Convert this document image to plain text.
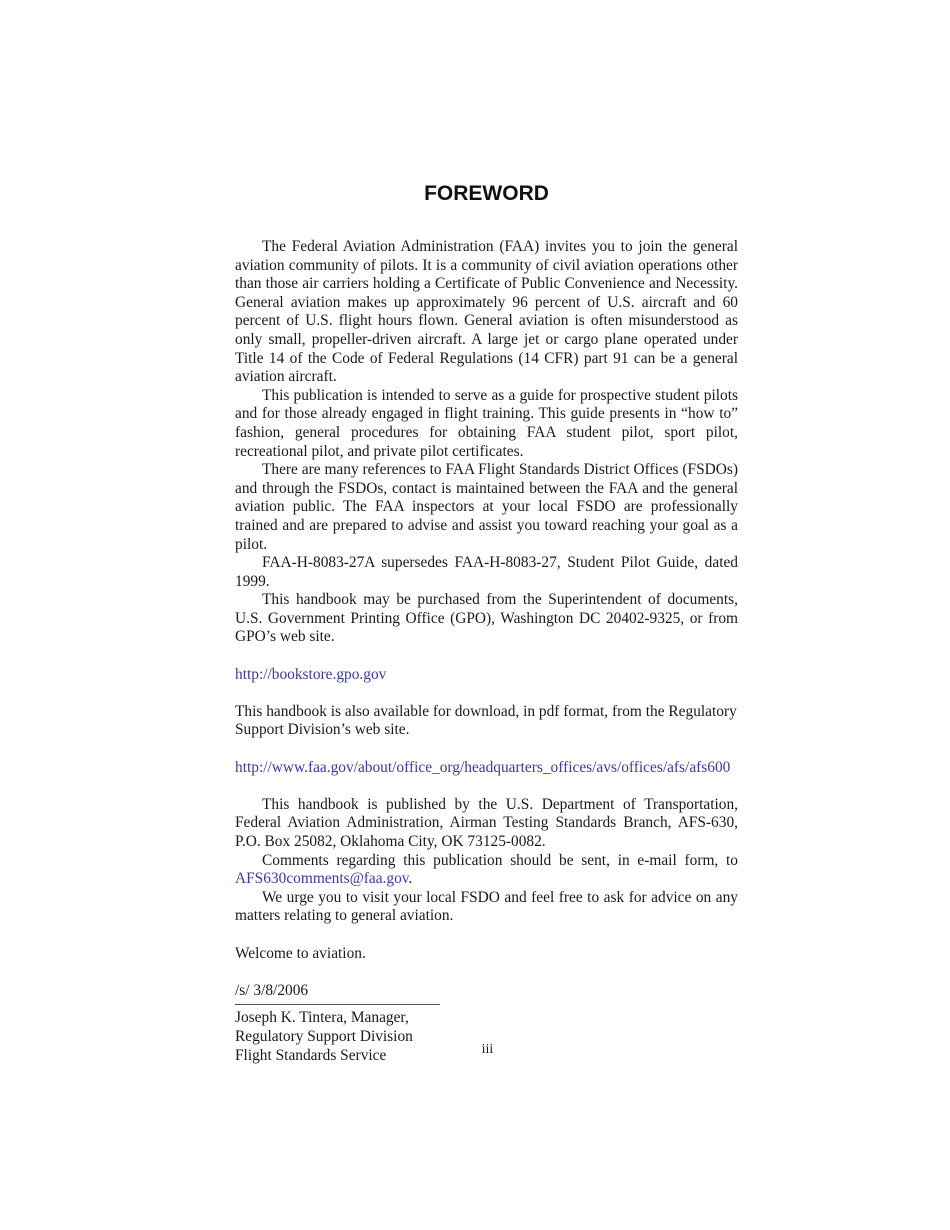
FOREWORD

The Federal Aviation Administration (FAA) invites you to join the general aviation community of pilots. It is a community of civil aviation operations other than those air carriers holding a Certificate of Public Convenience and Necessity. General aviation makes up approximately 96 percent of U.S. aircraft and 60 percent of U.S. flight hours flown. General aviation is often misunderstood as only small, propeller-driven aircraft. A large jet or cargo plane operated under Title 14 of the Code of Federal Regulations (14 CFR) part 91 can be a general aviation aircraft.

This publication is intended to serve as a guide for prospective student pilots and for those already engaged in flight training. This guide presents in “how to” fashion, general procedures for obtaining FAA student pilot, sport pilot, recreational pilot, and private pilot certificates.

There are many references to FAA Flight Standards District Offices (FSDOs) and through the FSDOs, contact is maintained between the FAA and the general aviation public. The FAA inspectors at your local FSDO are professionally trained and are prepared to advise and assist you toward reaching your goal as a pilot.

FAA-H-8083-27A supersedes FAA-H-8083-27, Student Pilot Guide, dated 1999.

This handbook may be purchased from the Superintendent of documents, U.S. Government Printing Office (GPO), Washington DC 20402-9325, or from GPO’s web site.

http://bookstore.gpo.gov

This handbook is also available for download, in pdf format, from the Regulatory Support Division’s web site.

http://www.faa.gov/about/office_org/headquarters_offices/avs/offices/afs/afs600

This handbook is published by the U.S. Department of Transportation, Federal Aviation Administration, Airman Testing Standards Branch, AFS-630, P.O. Box 25082, Oklahoma City, OK 73125-0082.

Comments regarding this publication should be sent, in e-mail form, to AFS630comments@faa.gov.

We urge you to visit your local FSDO and feel free to ask for advice on any matters relating to general aviation.

Welcome to aviation.

/s/ 3/8/2006

Joseph K. Tintera, Manager,

Regulatory Support Division

Flight Standards Service	iii
